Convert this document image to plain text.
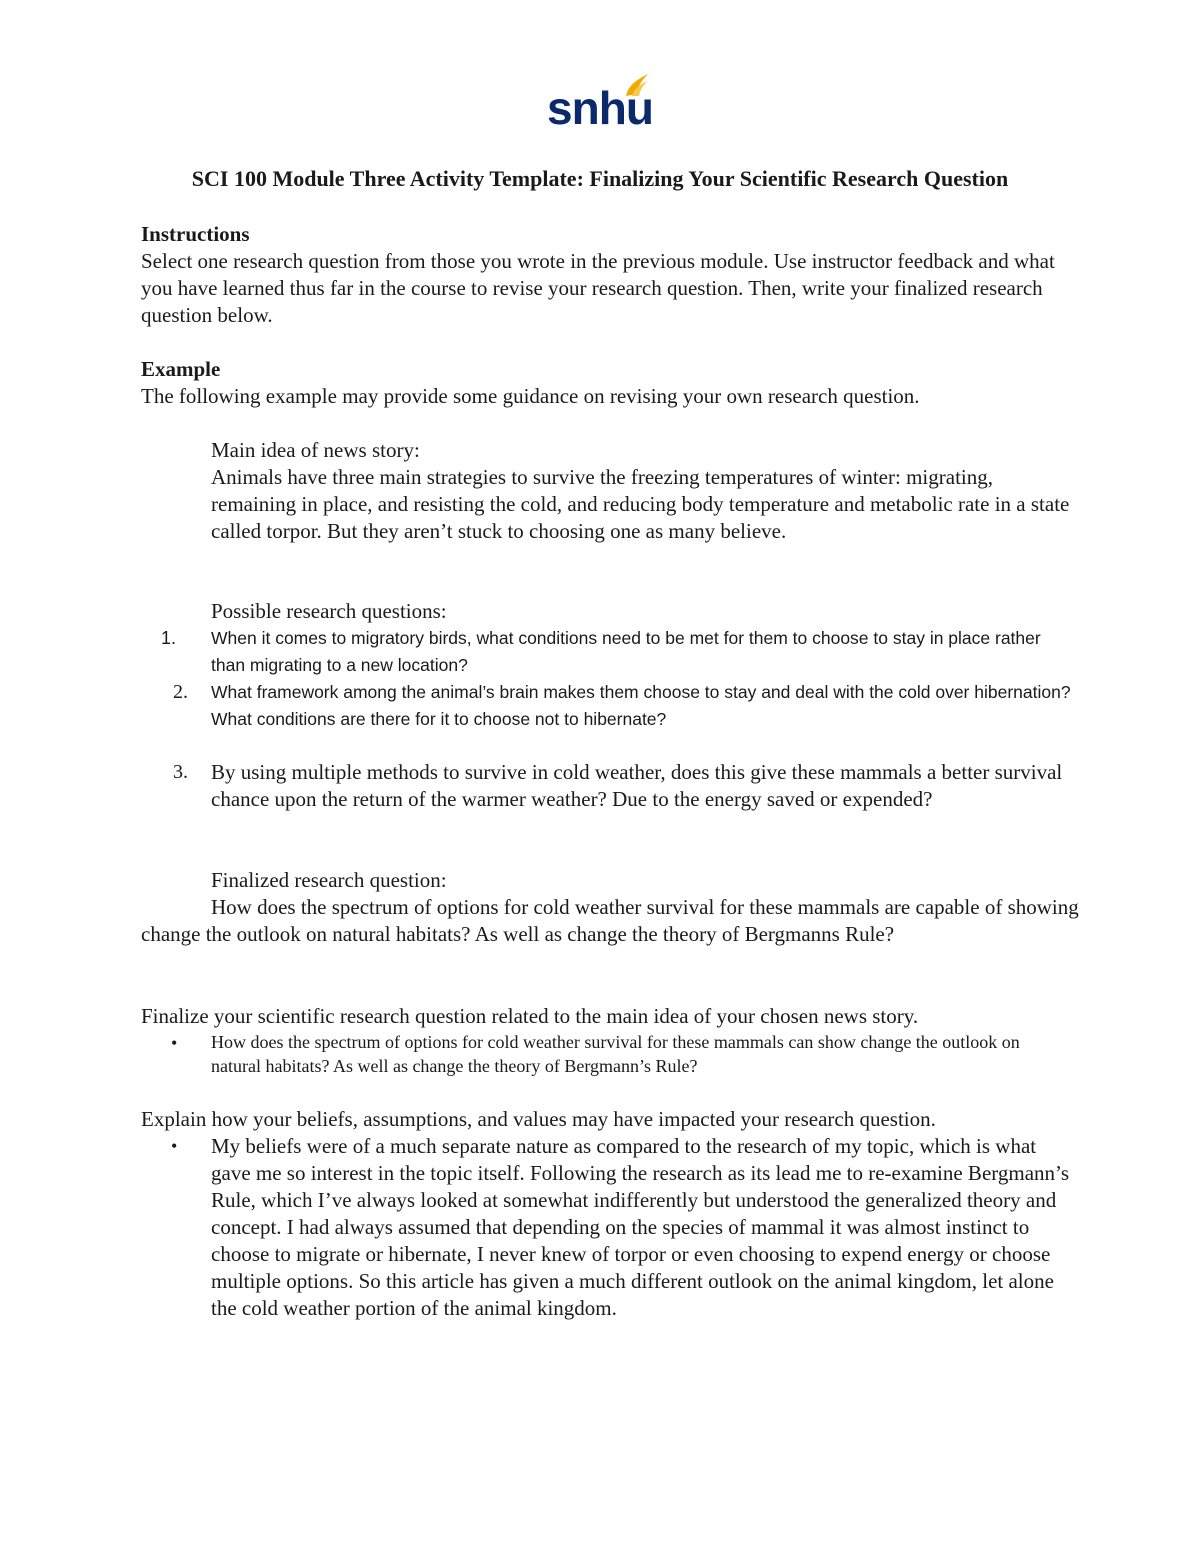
snhu
SCI 100 Module Three Activity Template: Finalizing Your Scientific Research Question

Instructions

Select one research question from those you wrote in the previous module. Use instructor feedback and what you have learned thus far in the course to revise your research question. Then, write your finalized research question below.

Example

The following example may provide some guidance on revising your own research question.

Main idea of news story:

Animals have three main strategies to survive the freezing temperatures of winter: migrating, remaining in place, and resisting the cold, and reducing body temperature and metabolic rate in a state called torpor. But they aren’t stuck to choosing one as many believe.

Possible research questions:

1.	When it comes to migratory birds, what conditions need to be met for them to choose to stay in place rather than migrating to a new location?

2.	What framework among the animal’s brain makes them choose to stay and deal with the cold over hibernation? What conditions are there for it to choose not to hibernate?

3.	By using multiple methods to survive in cold weather, does this give these mammals a better survival chance upon the return of the warmer weather? Due to the energy saved or expended?

Finalized research question:

How does the spectrum of options for cold weather survival for these mammals are capable of showing change the outlook on natural habitats? As well as change the theory of Bergmanns Rule?

Finalize your scientific research question related to the main idea of your chosen news story.

•	How does the spectrum of options for cold weather survival for these mammals can show change the outlook on natural habitats? As well as change the theory of Bergmann’s Rule?

Explain how your beliefs, assumptions, and values may have impacted your research question.

•	My beliefs were of a much separate nature as compared to the research of my topic, which is what gave me so interest in the topic itself. Following the research as its lead me to re-examine Bergmann’s Rule, which I’ve always looked at somewhat indifferently but understood the generalized theory and concept. I had always assumed that depending on the species of mammal it was almost instinct to choose to migrate or hibernate, I never knew of torpor or even choosing to expend energy or choose multiple options. So this article has given a much different outlook on the animal kingdom, let alone the cold weather portion of the animal kingdom.
